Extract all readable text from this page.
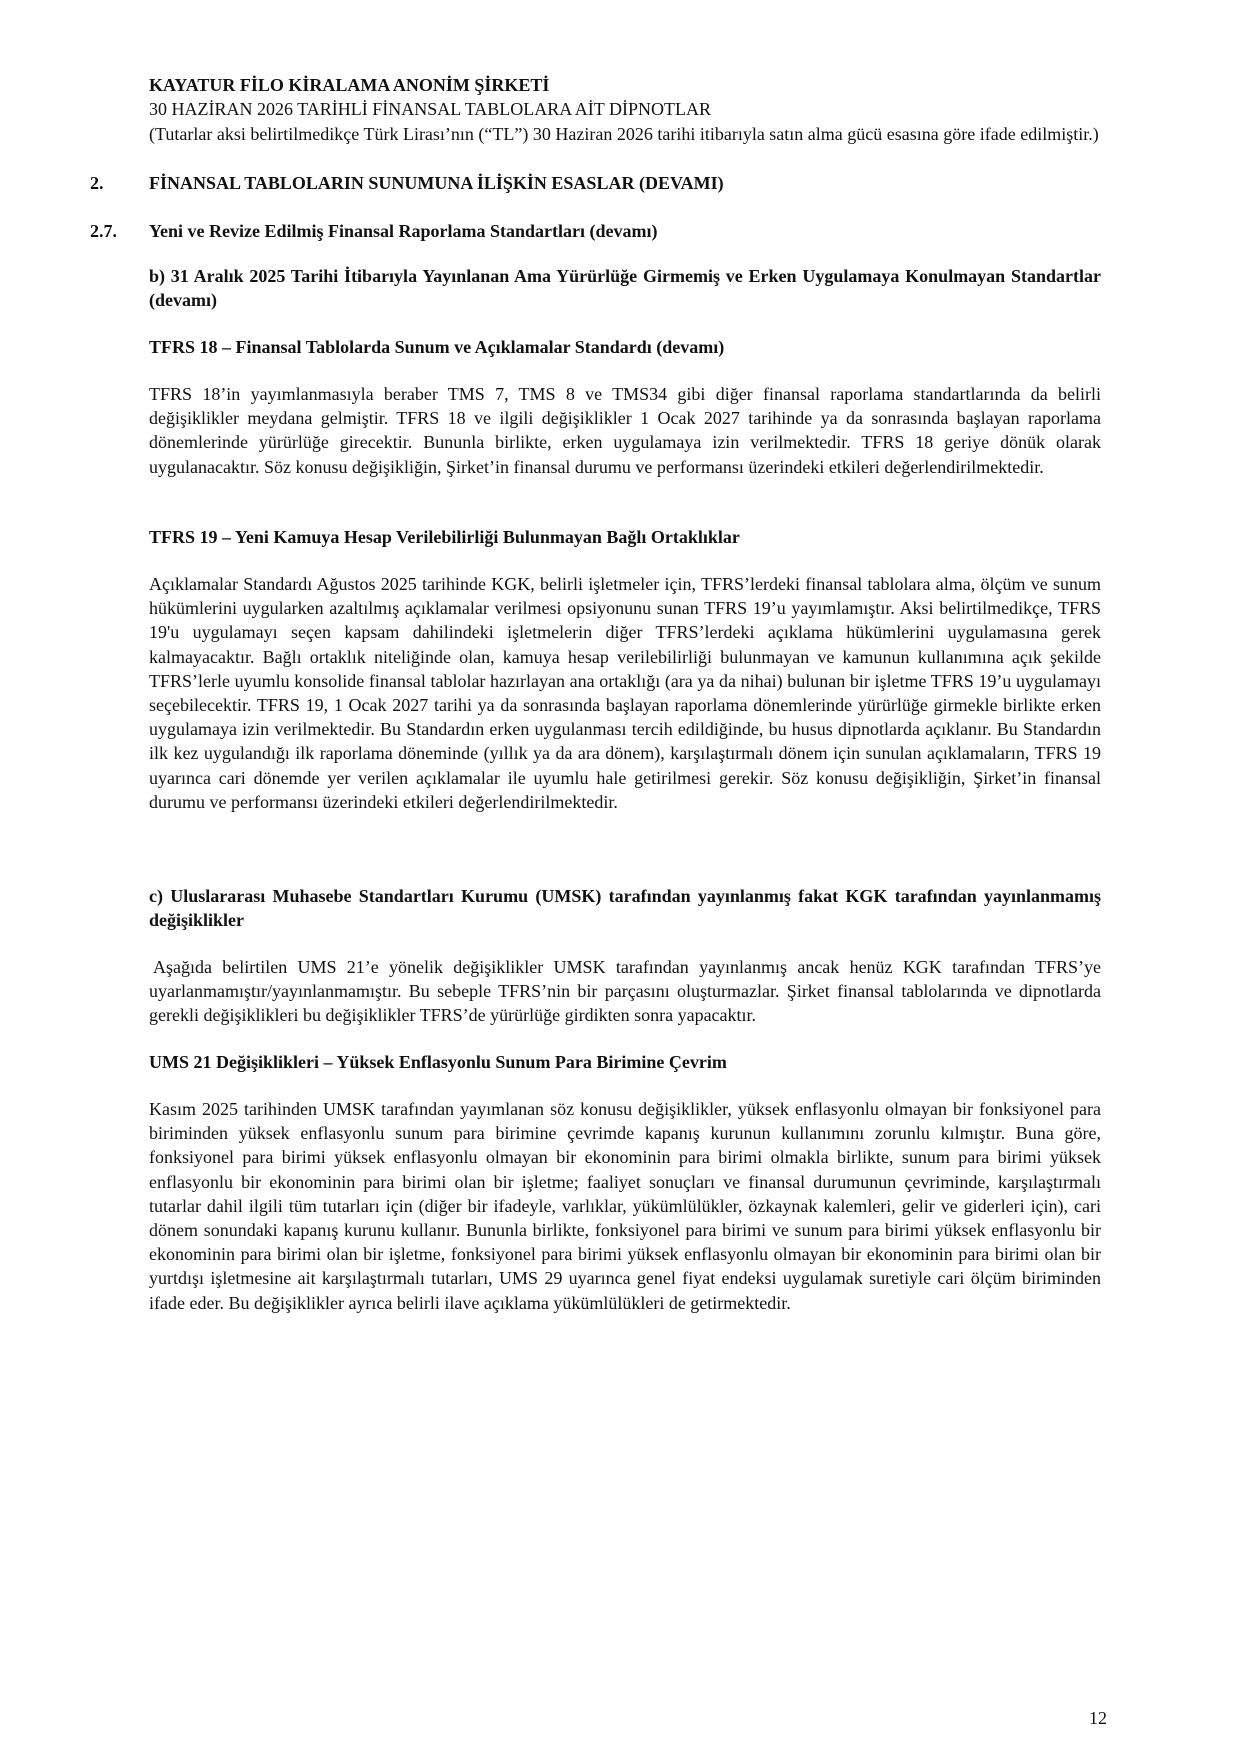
KAYATUR FİLO KİRALAMA ANONİM ŞİRKETİ
30 HAZİRAN 2026 TARİHLİ FİNANSAL TABLOLARA AİT DİPNOTLAR

(Tutarlar aksi belirtilmedikçe Türk Lirası’nın (“TL”) 30 Haziran 2026 tarihi itibarıyla satın alma gücü esasına göre ifade edilmiştir.)

2.	FİNANSAL TABLOLARIN SUNUMUNA İLİŞKİN ESASLAR (DEVAMI)
2.7. Yeni ve Revize Edilmiş Finansal Raporlama Standartları (devamı)

b) 31 Aralık 2025 Tarihi İtibarıyla Yayınlanan Ama Yürürlüğe Girmemiş ve Erken Uygulamaya Konulmayan Standartlar (devamı)

TFRS 18 – Finansal Tablolarda Sunum ve Açıklamalar Standardı (devamı)

TFRS 18’in yayımlanmasıyla beraber TMS 7, TMS 8 ve TMS34 gibi diğer finansal raporlama standartlarında da belirli değişiklikler meydana gelmiştir. TFRS 18 ve ilgili değişiklikler 1 Ocak 2027 tarihinde ya da sonrasında başlayan raporlama dönemlerinde yürürlüğe girecektir. Bununla birlikte, erken uygulamaya izin verilmektedir. TFRS 18 geriye dönük olarak uygulanacaktır. Söz konusu değişikliğin, Şirket’in finansal durumu ve performansı üzerindeki etkileri değerlendirilmektedir.

TFRS 19 – Yeni Kamuya Hesap Verilebilirliği Bulunmayan Bağlı Ortaklıklar

Açıklamalar Standardı Ağustos 2025 tarihinde KGK, belirli işletmeler için, TFRS’lerdeki finansal tablolara alma, ölçüm ve sunum hükümlerini uygularken azaltılmış açıklamalar verilmesi opsiyonunu sunan TFRS 19’u yayımlamıştır. Aksi belirtilmedikçe, TFRS 19'u uygulamayı seçen kapsam dahilindeki işletmelerin diğer TFRS’lerdeki açıklama hükümlerini uygulamasına gerek kalmayacaktır. Bağlı ortaklık niteliğinde olan, kamuya hesap verilebilirliği bulunmayan ve kamunun kullanımına açık şekilde TFRS’lerle uyumlu konsolide finansal tablolar hazırlayan ana ortaklığı (ara ya da nihai) bulunan bir işletme TFRS 19’u uygulamayı seçebilecektir. TFRS 19, 1 Ocak 2027 tarihi ya da sonrasında başlayan raporlama dönemlerinde yürürlüğe girmekle birlikte erken uygulamaya izin verilmektedir. Bu Standardın erken uygulanması tercih edildiğinde, bu husus dipnotlarda açıklanır. Bu Standardın ilk kez uygulandığı ilk raporlama döneminde (yıllık ya da ara dönem), karşılaştırmalı dönem için sunulan açıklamaların, TFRS 19 uyarınca cari dönemde yer verilen açıklamalar ile uyumlu hale getirilmesi gerekir. Söz konusu değişikliğin, Şirket’in finansal durumu ve performansı üzerindeki etkileri değerlendirilmektedir.

c) Uluslararası Muhasebe Standartları Kurumu (UMSK) tarafından yayınlanmış fakat KGK tarafından yayınlanmamış değişiklikler

Aşağıda belirtilen UMS 21’e yönelik değişiklikler UMSK tarafından yayınlanmış ancak henüz KGK tarafından TFRS’ye uyarlanmamıştır/yayınlanmamıştır. Bu sebeple TFRS’nin bir parçasını oluşturmazlar. Şirket finansal tablolarında ve dipnotlarda gerekli değişiklikleri bu değişiklikler TFRS’de yürürlüğe girdikten sonra yapacaktır.

UMS 21 Değişiklikleri – Yüksek Enflasyonlu Sunum Para Birimine Çevrim

Kasım 2025 tarihinden UMSK tarafından yayımlanan söz konusu değişiklikler, yüksek enflasyonlu olmayan bir fonksiyonel para biriminden yüksek enflasyonlu sunum para birimine çevrimde kapanış kurunun kullanımını zorunlu kılmıştır. Buna göre, fonksiyonel para birimi yüksek enflasyonlu olmayan bir ekonominin para birimi olmakla birlikte, sunum para birimi yüksek enflasyonlu bir ekonominin para birimi olan bir işletme; faaliyet sonuçları ve finansal durumunun çevriminde, karşılaştırmalı tutarlar dahil ilgili tüm tutarları için (diğer bir ifadeyle, varlıklar, yükümlülükler, özkaynak kalemleri, gelir ve giderleri için), cari dönem sonundaki kapanış kurunu kullanır. Bununla birlikte, fonksiyonel para birimi ve sunum para birimi yüksek enflasyonlu bir ekonominin para birimi olan bir işletme, fonksiyonel para birimi yüksek enflasyonlu olmayan bir ekonominin para birimi olan bir yurtdışı işletmesine ait karşılaştırmalı tutarları, UMS 29 uyarınca genel fiyat endeksi uygulamak suretiyle cari ölçüm biriminden ifade eder. Bu değişiklikler ayrıca belirli ilave açıklama yükümlülükleri de getirmektedir.

12
